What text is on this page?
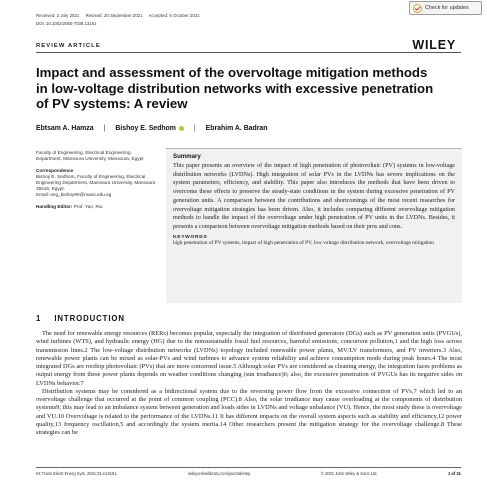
Received: 2 July 2021 Revised: 20 September 2021 Accepted: 5 October 2021
DOI: 10.1002/2050-7038.13161
Check for updates
REVIEW ARTICLE	WILEY
Impact and assessment of the overvoltage mitigation methods in low-voltage distribution networks with excessive penetration of PV systems: A review
Ebtsam A. Hamza | Bishoy E. Sedhom	| Ebrahim A. Badran
Faculty of Engineering, Electrical Engineering Department, Mansoura University, Mansoura, Egypt
Correspondence
Bishoy E. Sedhom, Faculty of Engineering, Electrical Engineering Department, Mansoura University, Mansoura 35516, Egypt.
Email: eng_bishoy90@mans.edu.eg
Handling Editor: Prof. Yao, Rui
Summary

This paper presents an overview of the impact of high penetration of photovoltaic (PV) systems in low-voltage distribution networks (LVDNs). High integration of solar PVs in the LVDNs has severe implications on the system parameters, efficiency, and stability. This paper also introduces the methods that have been driven to overcome these effects to preserve the steady-state conditions in the system during excessive penetration of PV generation units. A comparison between the contributions and shortcomings of the most recent researches for overvoltage mitigation strategies has been driven. Also, it includes comparing different overvoltage mitigation methods to handle the impact of the overvoltage under high penetration of PV units in the LVDNs. Besides, it presents a comparison between overvoltage mitigation methods based on their pros and cons.

KEYWORDS

high penetration of PV systems, impact of high penetration of PV, low voltage distribution network, overvoltage mitigation

1 INTRODUCTION

The need for renewable energy resources (RERs) becomes popular, especially the integration of distributed generators (DGs) such as PV generation units (PVGUs), wind turbines (WTS), and hydraulic energy (HG) due to the nonsustainable fossil fuel resources, harmful emissions, concurrent pollution,1 and the high loss across transmission lines.2 The low-voltage distribution networks (LVDNs) topology included renewable power plants, MV/LV transformers, and PV inverters.3 Also, renewable power plants can be mixed as solar-PVs and wind turbines to advance system reliability and achieve consumption mode during peak hours.4 The most integrated DGs are rooftop photovoltaic (PVs) that are more concerned issue.5 Although solar PVs are considered as cleaning energy, the integration faces problems as output energy from these power plants depends on weather conditions changing (sun irradiance)6; also, the excessive penetration of PVGUs has its negative sides on LVDNs behavior.7

Distribution systems may be considered as a bidirectional system due to the reversing power flow from the excessive connection of PVs,7 which led to an overvoltage challenge that occurred at the point of common coupling (PCC).8 Also, the solar irradiance may cause overloading at the components of distribution systems9; this may lead to an imbalance system between generation and loads sides in LVDNs and voltage unbalance (VU). Hence, the most study these is overvoltage and VU.10 Overvoltage is related to the performance of the LVDNs.11 It has different impacts on the overall system aspects such as stability and efficiency,12 power quality,13 frequency oscillation,5 and accordingly the system inertia.14 Other researchers present the mitigation strategy for the overvoltage challenge.8 These strategies can be

Int Trans Electr Energ Syst. 2021;31:e13161.	wileyonlinelibrary.com/journal/etep	© 2021 John Wiley & Sons Ltd.	1 of 31
